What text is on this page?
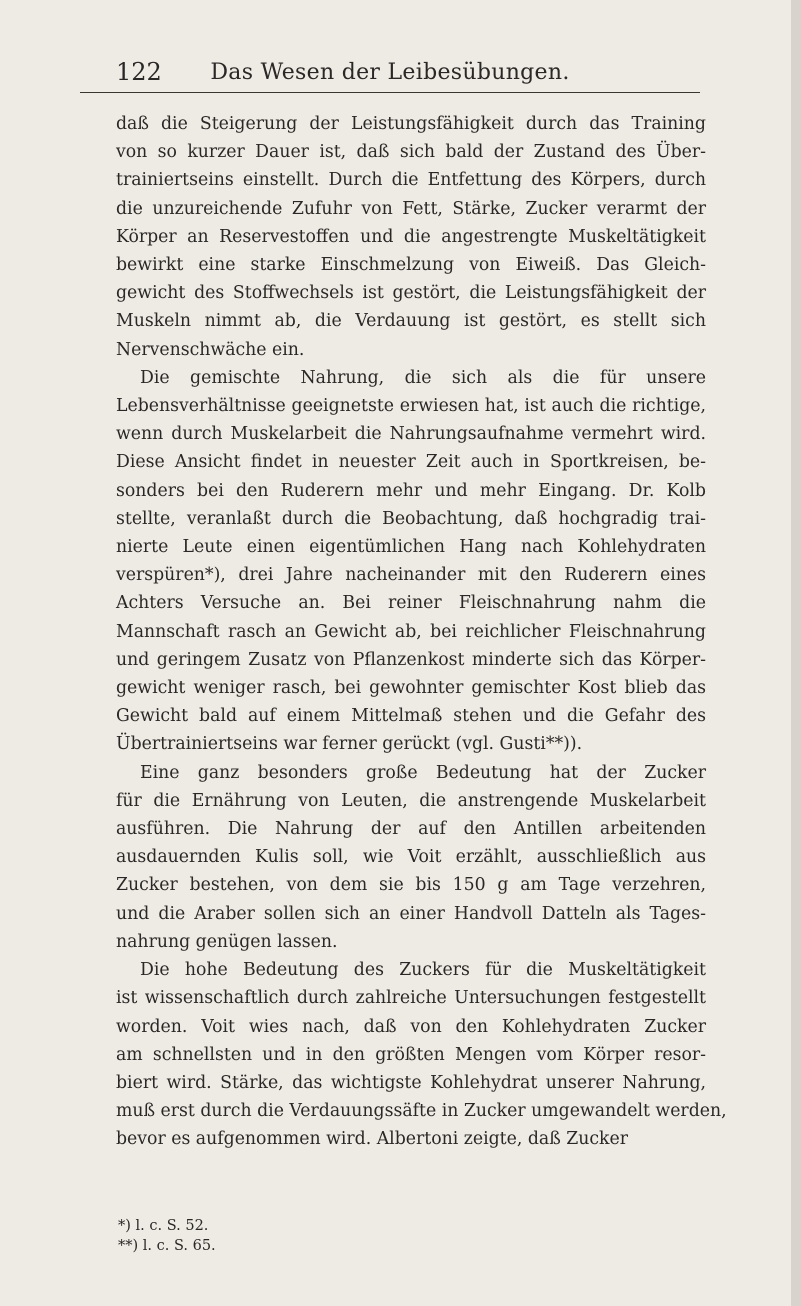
122	Das Wesen der Leibesübungen.
daß die Steigerung der Leistungsfähigkeit durch das Training
von so kurzer Dauer ist, daß sich bald der Zustand des Über-
trainiertseins einstellt. Durch die Entfettung des Körpers, durch
die unzureichende Zufuhr von Fett, Stärke, Zucker verarmt der
Körper an Reservestoffen und die angestrengte Muskeltätigkeit
bewirkt eine starke Einschmelzung von Eiweiß. Das Gleich-
gewicht des Stoffwechsels ist gestört, die Leistungsfähigkeit der
Muskeln nimmt ab, die Verdauung ist gestört, es stellt sich
Nervenschwäche ein.
Die gemischte Nahrung, die sich als die für unsere
Lebensverhältnisse geeignetste erwiesen hat, ist auch die richtige,
wenn durch Muskelarbeit die Nahrungsaufnahme vermehrt wird.
Diese Ansicht findet in neuester Zeit auch in Sportkreisen, be-
sonders bei den Ruderern mehr und mehr Eingang. Dr. Kolb
stellte, veranlaßt durch die Beobachtung, daß hochgradig trai-
nierte Leute einen eigentümlichen Hang nach Kohlehydraten
verspüren*), drei Jahre nacheinander mit den Ruderern eines
Achters Versuche an. Bei reiner Fleischnahrung nahm die
Mannschaft rasch an Gewicht ab, bei reichlicher Fleischnahrung
und geringem Zusatz von Pflanzenkost minderte sich das Körper-
gewicht weniger rasch, bei gewohnter gemischter Kost blieb das
Gewicht bald auf einem Mittelmaß stehen und die Gefahr des
Übertrainiertseins war ferner gerückt (vgl. Gusti**)).
Eine ganz besonders große Bedeutung hat der Zucker
für die Ernährung von Leuten, die anstrengende Muskelarbeit
ausführen. Die Nahrung der auf den Antillen arbeitenden
ausdauernden Kulis soll, wie Voit erzählt, ausschließlich aus
Zucker bestehen, von dem sie bis 150 g am Tage verzehren,
und die Araber sollen sich an einer Handvoll Datteln als Tages-
nahrung genügen lassen.
Die hohe Bedeutung des Zuckers für die Muskeltätigkeit
ist wissenschaftlich durch zahlreiche Untersuchungen festgestellt
worden. Voit wies nach, daß von den Kohlehydraten Zucker
am schnellsten und in den größten Mengen vom Körper resor-
biert wird. Stärke, das wichtigste Kohlehydrat unserer Nahrung,
muß erst durch die Verdauungssäfte in Zucker umgewandelt werden,
bevor es aufgenommen wird. Albertoni zeigte, daß Zucker
*) l. c. S. 52.
**) l. c. S. 65.
